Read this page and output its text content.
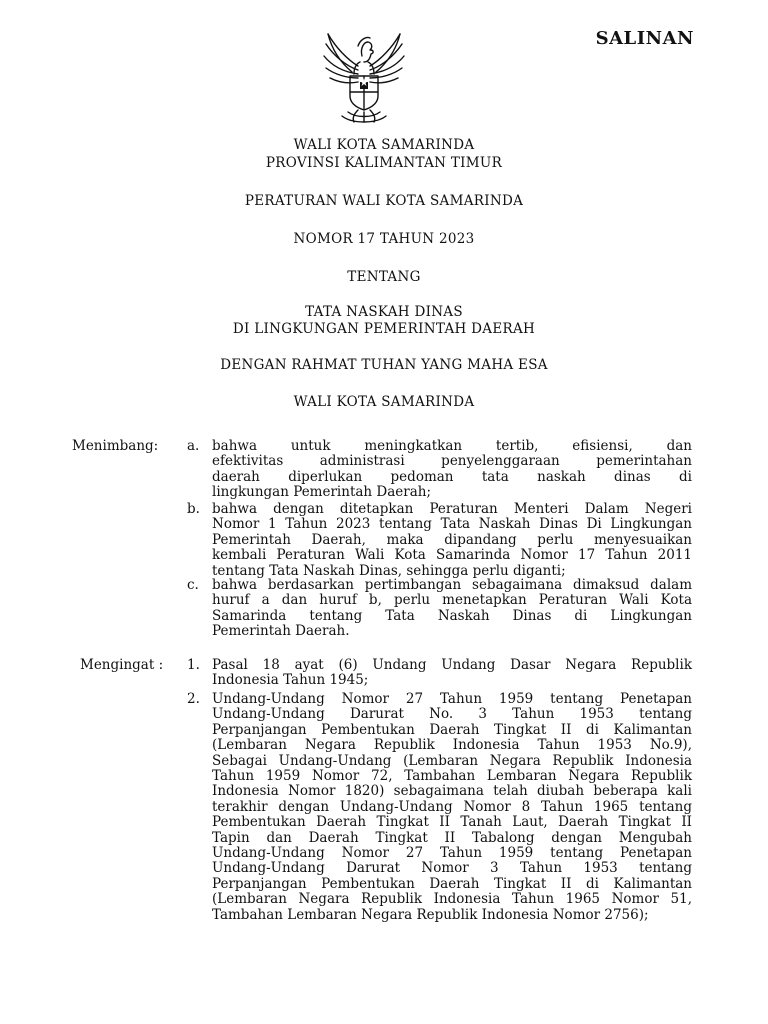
SALINAN
WALI KOTA SAMARINDA
PROVINSI KALIMANTAN TIMUR
PERATURAN WALI KOTA SAMARINDA
NOMOR 17 TAHUN 2023
TENTANG
TATA NASKAH DINAS
DI LINGKUNGAN PEMERINTAH DAERAH
DENGAN RAHMAT TUHAN YANG MAHA ESA
WALI KOTA SAMARINDA
Menimbang: a. bahwa untuk meningkatkan tertib, efisiensi, dan
efektivitas administrasi penyelenggaraan pemerintahan
daerah diperlukan pedoman tata naskah dinas di
lingkungan Pemerintah Daerah;
b. bahwa dengan ditetapkan Peraturan Menteri Dalam Negeri
Nomor 1 Tahun 2023 tentang Tata Naskah Dinas Di Lingkungan
Pemerintah Daerah, maka dipandang perlu menyesuaikan
kembali Peraturan Wali Kota Samarinda Nomor 17 Tahun 2011
tentang Tata Naskah Dinas, sehingga perlu diganti;
c. bahwa berdasarkan pertimbangan sebagaimana dimaksud dalam
huruf a dan huruf b, perlu menetapkan Peraturan Wali Kota
Samarinda tentang Tata Naskah Dinas di Lingkungan
Pemerintah Daerah.
Mengingat : 1. Pasal 18 ayat (6) Undang Undang Dasar Negara Republik
Indonesia Tahun 1945;
2. Undang-Undang Nomor 27 Tahun 1959 tentang Penetapan
Undang-Undang Darurat No. 3 Tahun 1953 tentang
Perpanjangan Pembentukan Daerah Tingkat II di Kalimantan
(Lembaran Negara Republik Indonesia Tahun 1953 No.9),
Sebagai Undang-Undang (Lembaran Negara Republik Indonesia
Tahun 1959 Nomor 72, Tambahan Lembaran Negara Republik
Indonesia Nomor 1820) sebagaimana telah diubah beberapa kali
terakhir dengan Undang-Undang Nomor 8 Tahun 1965 tentang
Pembentukan Daerah Tingkat II Tanah Laut, Daerah Tingkat II
Tapin dan Daerah Tingkat II Tabalong dengan Mengubah
Undang-Undang Nomor 27 Tahun 1959 tentang Penetapan
Undang-Undang Darurat Nomor 3 Tahun 1953 tentang
Perpanjangan Pembentukan Daerah Tingkat II di Kalimantan
(Lembaran Negara Republik Indonesia Tahun 1965 Nomor 51,
Tambahan Lembaran Negara Republik Indonesia Nomor 2756);
